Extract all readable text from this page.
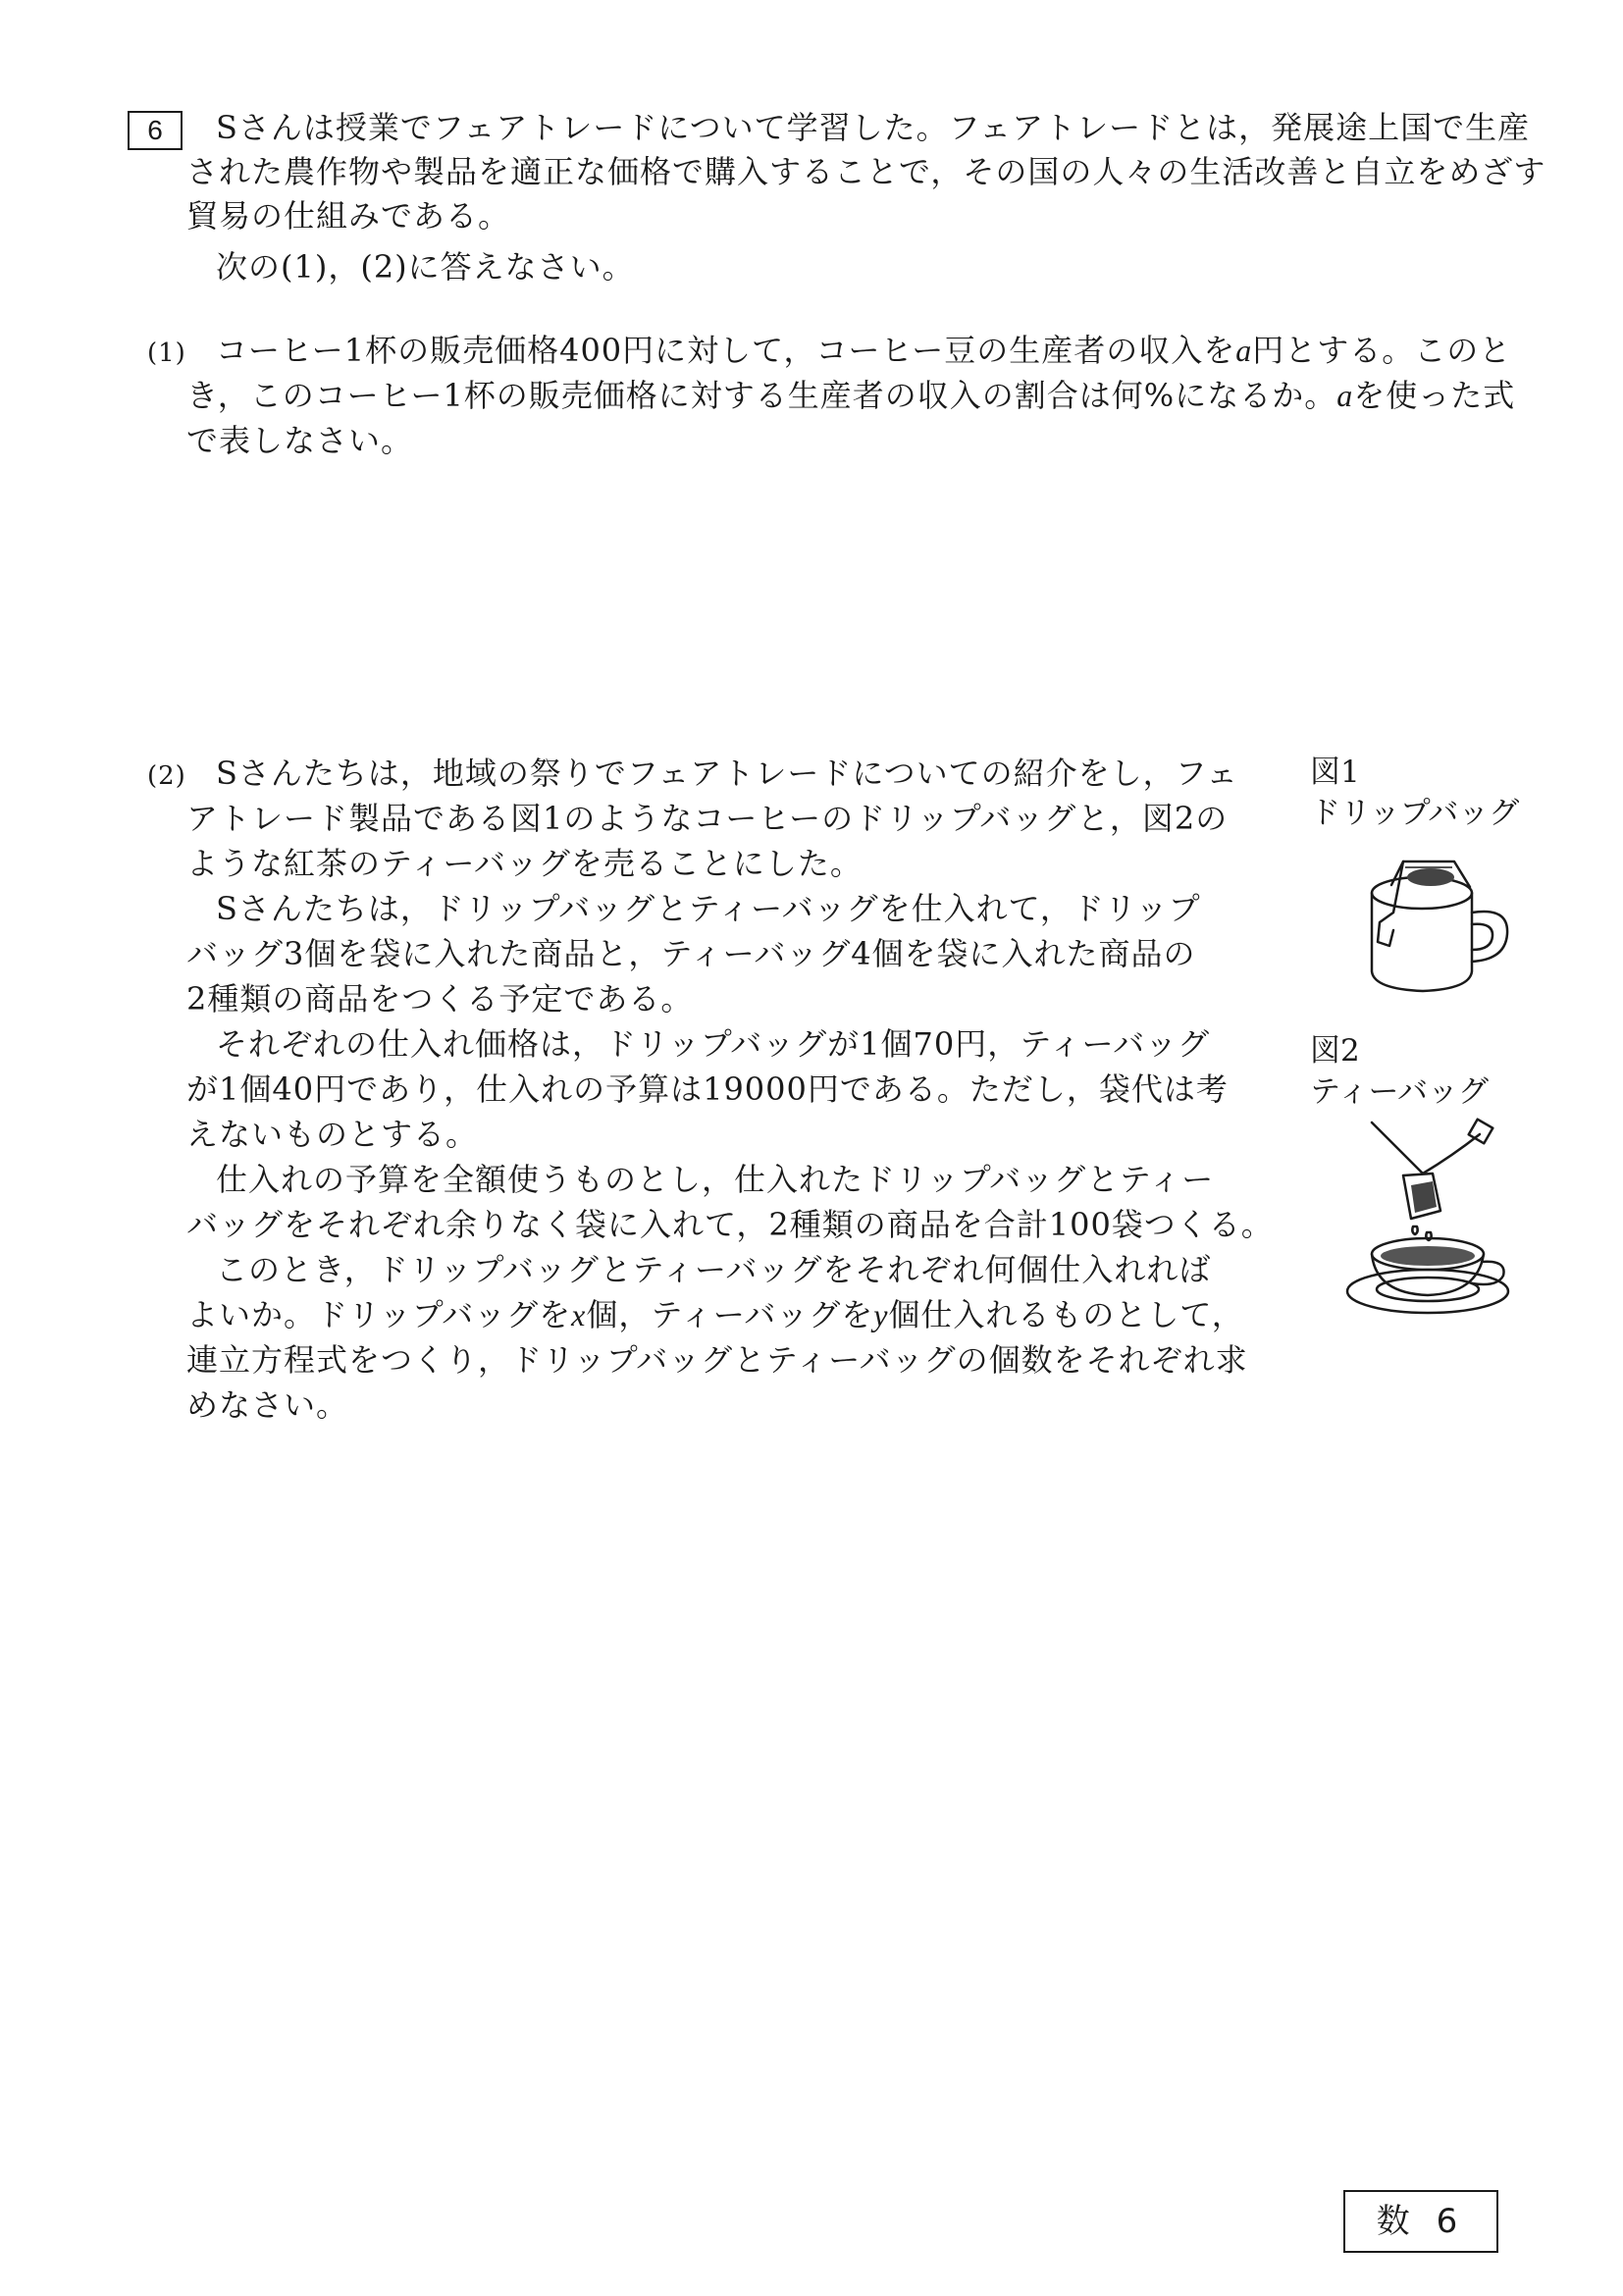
6	Sさんは授業でフェアトレードについて学習した。フェアトレードとは，発展途上国で生産
された農作物や製品を適正な価格で購入することで，その国の人々の生活改善と自立をめざす
貿易の仕組みである。
次の(1)，(2)に答えなさい。
(1) コーヒー1杯の販売価格400円に対して，コーヒー豆の生産者の収入をa円とする。このと
き，このコーヒー1杯の販売価格に対する生産者の収入の割合は何%になるか。aを使った式
で表しなさい。
(2) Sさんたちは，地域の祭りでフェアトレードについての紹介をし，フェ
アトレード製品である図1のようなコーヒーのドリップバッグと，図2の
ような紅茶のティーバッグを売ることにした。
Sさんたちは，ドリップバッグとティーバッグを仕入れて，ドリップ
バッグ3個を袋に入れた商品と，ティーバッグ4個を袋に入れた商品の
2種類の商品をつくる予定である。
それぞれの仕入れ価格は，ドリップバッグが1個70円，ティーバッグ
が1個40円であり，仕入れの予算は19000円である。ただし，袋代は考
えないものとする。
仕入れの予算を全額使うものとし，仕入れたドリップバッグとティー
バッグをそれぞれ余りなく袋に入れて，2種類の商品を合計100袋つくる。
このとき，ドリップバッグとティーバッグをそれぞれ何個仕入れれば
よいか。ドリップバッグをx個，ティーバッグをy個仕入れるものとして，
連立方程式をつくり，ドリップバッグとティーバッグの個数をそれぞれ求
めなさい。
図1
ドリップバッグ
図2
ティーバッグ
数 6
